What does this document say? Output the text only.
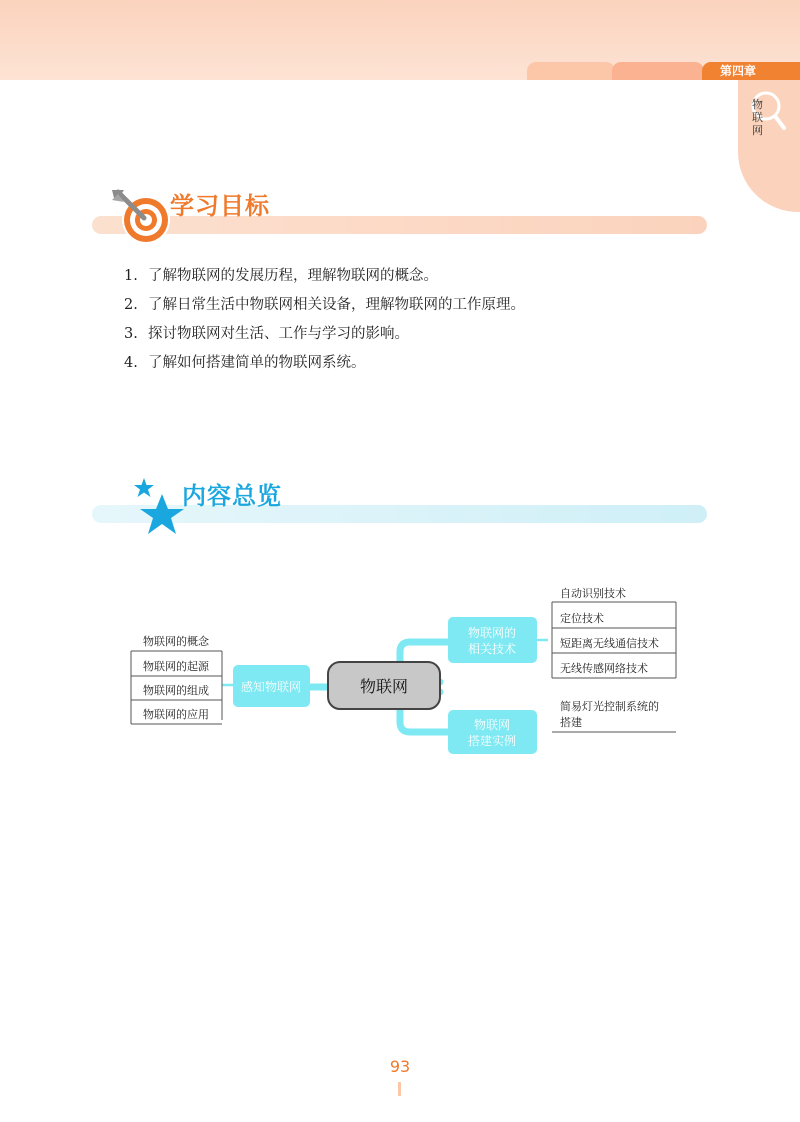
第四章
物联网
学习目标
1. 了解物联网的发展历程，理解物联网的概念。
2. 了解日常生活中物联网相关设备，理解物联网的工作原理。
3. 探讨物联网对生活、工作与学习的影响。
4. 了解如何搭建简单的物联网系统。
内容总览
物联网
感知物联网
物联网的
相关技术
物联网
搭建实例
物联网的概念
物联网的起源
物联网的组成
物联网的应用
自动识别技术
定位技术
短距离无线通信技术
无线传感网络技术
简易灯光控制系统的
搭建
93
